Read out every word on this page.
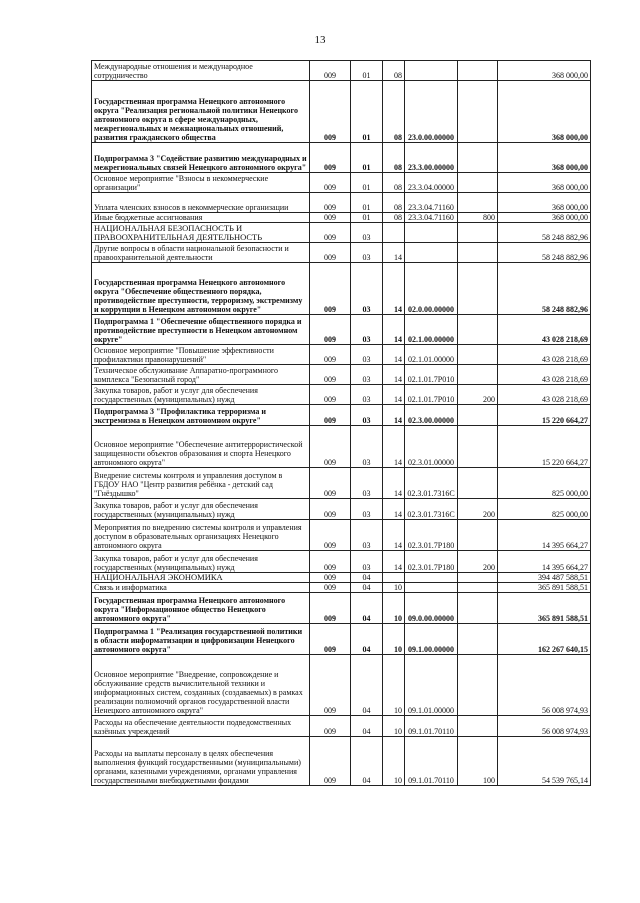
13
Международные отношения и международное сотрудничество	009	01	08			368 000,00
Государственная программа Ненецкого автономного округа "Реализация региональной политики Ненецкого автономного округа в сфере международных, межрегиональных и межнациональных отношений, развития гражданского общества	009	01	08	23.0.00.00000		368 000,00
Подпрограмма 3 "Содействие развитию международных и межрегиональных связей Ненецкого автономного округа"	009	01	08	23.3.00.00000		368 000,00
Основное мероприятие "Взносы в некоммерческие организации"	009	01	08	23.3.04.00000		368 000,00
Уплата членских взносов в некоммерческие организации	009	01	08	23.3.04.71160		368 000,00
Иные бюджетные ассигнования	009	01	08	23.3.04.71160	800	368 000,00
НАЦИОНАЛЬНАЯ БЕЗОПАСНОСТЬ И ПРАВООХРАНИТЕЛЬНАЯ ДЕЯТЕЛЬНОСТЬ	009	03				58 248 882,96
Другие вопросы в области национальной безопасности и правоохранительной деятельности	009	03	14			58 248 882,96
Государственная программа Ненецкого автономного округа "Обеспечение общественного порядка, противодействие преступности, терроризму, экстремизму и коррупции в Ненецком автономном округе"	009	03	14	02.0.00.00000		58 248 882,96
Подпрограмма 1 "Обеспечение общественного порядка и противодействие преступности в Ненецком автономном округе"	009	03	14	02.1.00.00000		43 028 218,69
Основное мероприятие "Повышение эффективности профилактики правонарушений"	009	03	14	02.1.01.00000		43 028 218,69
Техническое обслуживание Аппаратно-программного комплекса "Безопасный город"	009	03	14	02.1.01.7Р010		43 028 218,69
Закупка товаров, работ и услуг для обеспечения государственных (муниципальных) нужд	009	03	14	02.1.01.7Р010	200	43 028 218,69
Подпрограмма 3 "Профилактика терроризма и экстремизма в Ненецком автономном округе"	009	03	14	02.3.00.00000		15 220 664,27
Основное мероприятие "Обеспечение антитеррористической защищенности объектов образования и спорта Ненецкого автономного округа"	009	03	14	02.3.01.00000		15 220 664,27
Внедрение системы контроля и управления доступом в ГБДОУ НАО "Центр развития ребёнка - детский сад "Гнёздышко"	009	03	14	02.3.01.7316С		825 000,00
Закупка товаров, работ и услуг для обеспечения государственных (муниципальных) нужд	009	03	14	02.3.01.7316С	200	825 000,00
Мероприятия по внедрению системы контроля и управления доступом в образовательных организациях Ненецкого автономного округа	009	03	14	02.3.01.7Р180		14 395 664,27
Закупка товаров, работ и услуг для обеспечения государственных (муниципальных) нужд	009	03	14	02.3.01.7Р180	200	14 395 664,27
НАЦИОНАЛЬНАЯ ЭКОНОМИКА	009	04				394 487 588,51
Связь и информатика	009	04	10			365 891 588,51
Государственная программа Ненецкого автономного округа "Информационное общество Ненецкого автономного округа"	009	04	10	09.0.00.00000		365 891 588,51
Подпрограмма 1 "Реализация государственной политики в области информатизации и цифровизации Ненецкого автономного округа"	009	04	10	09.1.00.00000		162 267 640,15
Основное мероприятие "Внедрение, сопровождение и обслуживание средств вычислительной техники и информационных систем, созданных (создаваемых) в рамках реализации полномочий органов государственной власти Ненецкого автономного округа"	009	04	10	09.1.01.00000		56 008 974,93
Расходы на обеспечение деятельности подведомственных казённых учреждений	009	04	10	09.1.01.70110		56 008 974,93
Расходы на выплаты персоналу в целях обеспечения выполнения функций государственными (муниципальными) органами, казенными учреждениями, органами управления государственными внебюджетными фондами	009	04	10	09.1.01.70110	100	54 539 765,14
